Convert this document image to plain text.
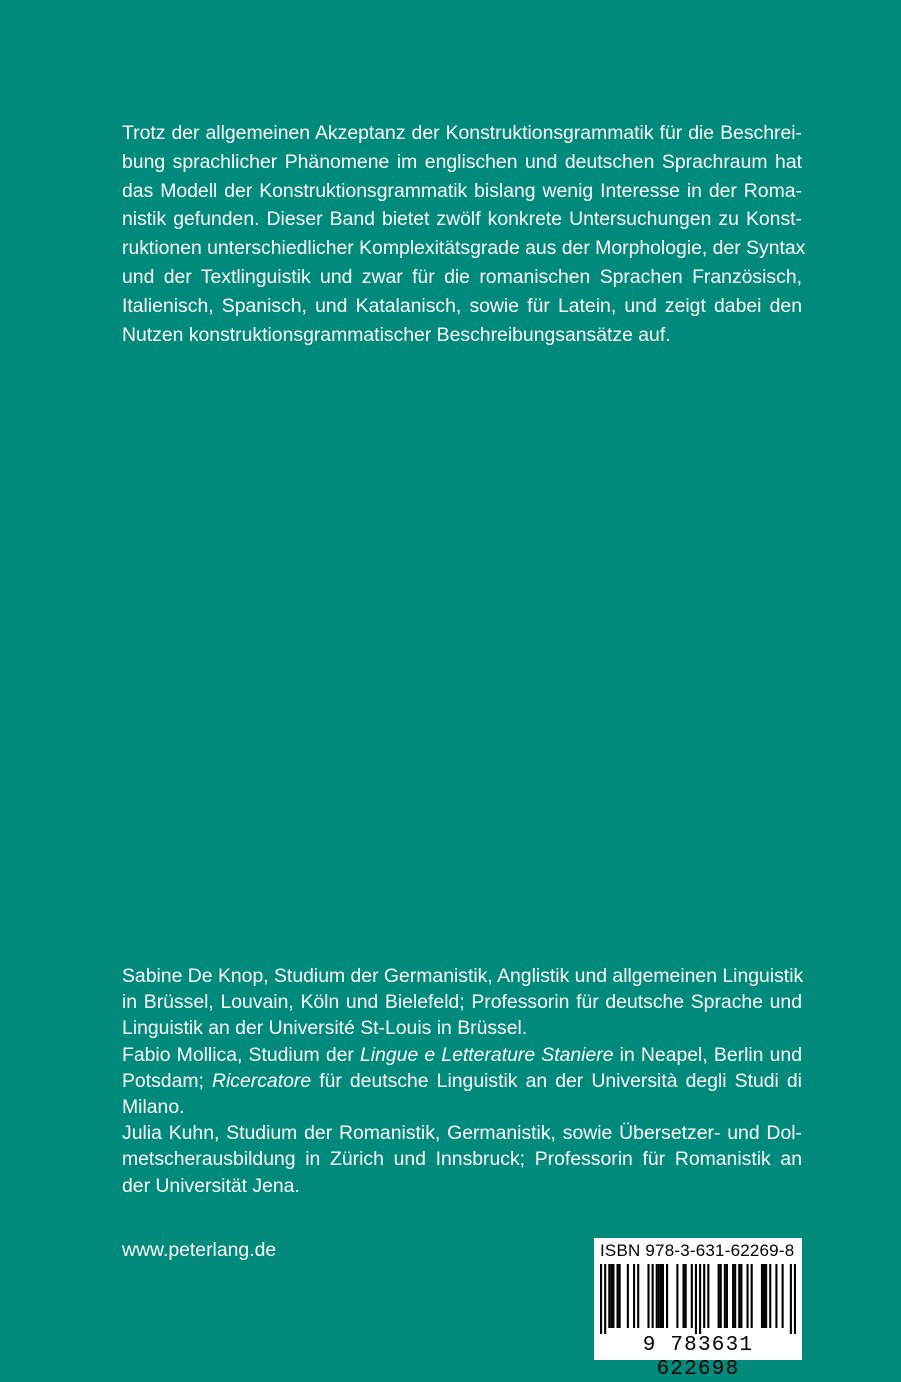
Trotz der allgemeinen Akzeptanz der Konstruktionsgrammatik für die Beschrei-
bung sprachlicher Phänomene im englischen und deutschen Sprachraum hat
das Modell der Konstruktionsgrammatik bislang wenig Interesse in der Roma-
nistik gefunden. Dieser Band bietet zwölf konkrete Untersuchungen zu Konst-
ruktionen unterschiedlicher Komplexitätsgrade aus der Morphologie, der Syntax
und der Textlinguistik und zwar für die romanischen Sprachen Französisch,
Italienisch, Spanisch, und Katalanisch, sowie für Latein, und zeigt dabei den
Nutzen konstruktionsgrammatischer Beschreibungsansätze auf.
Sabine De Knop, Studium der Germanistik, Anglistik und allgemeinen Linguistik
in Brüssel, Louvain, Köln und Bielefeld; Professorin für deutsche Sprache und
Linguistik an der Université St-Louis in Brüssel.
Fabio Mollica, Studium der Lingue e Letterature Staniere in Neapel, Berlin und
Potsdam; Ricercatore für deutsche Linguistik an der Università degli Studi di
Milano.
Julia Kuhn, Studium der Romanistik, Germanistik, sowie Übersetzer- und Dol-
metscherausbildung in Zürich und Innsbruck; Professorin für Romanistik an
der Universität Jena.
www.peterlang.de	ISBN 978-3-631-62269-8
9 783631 622698
